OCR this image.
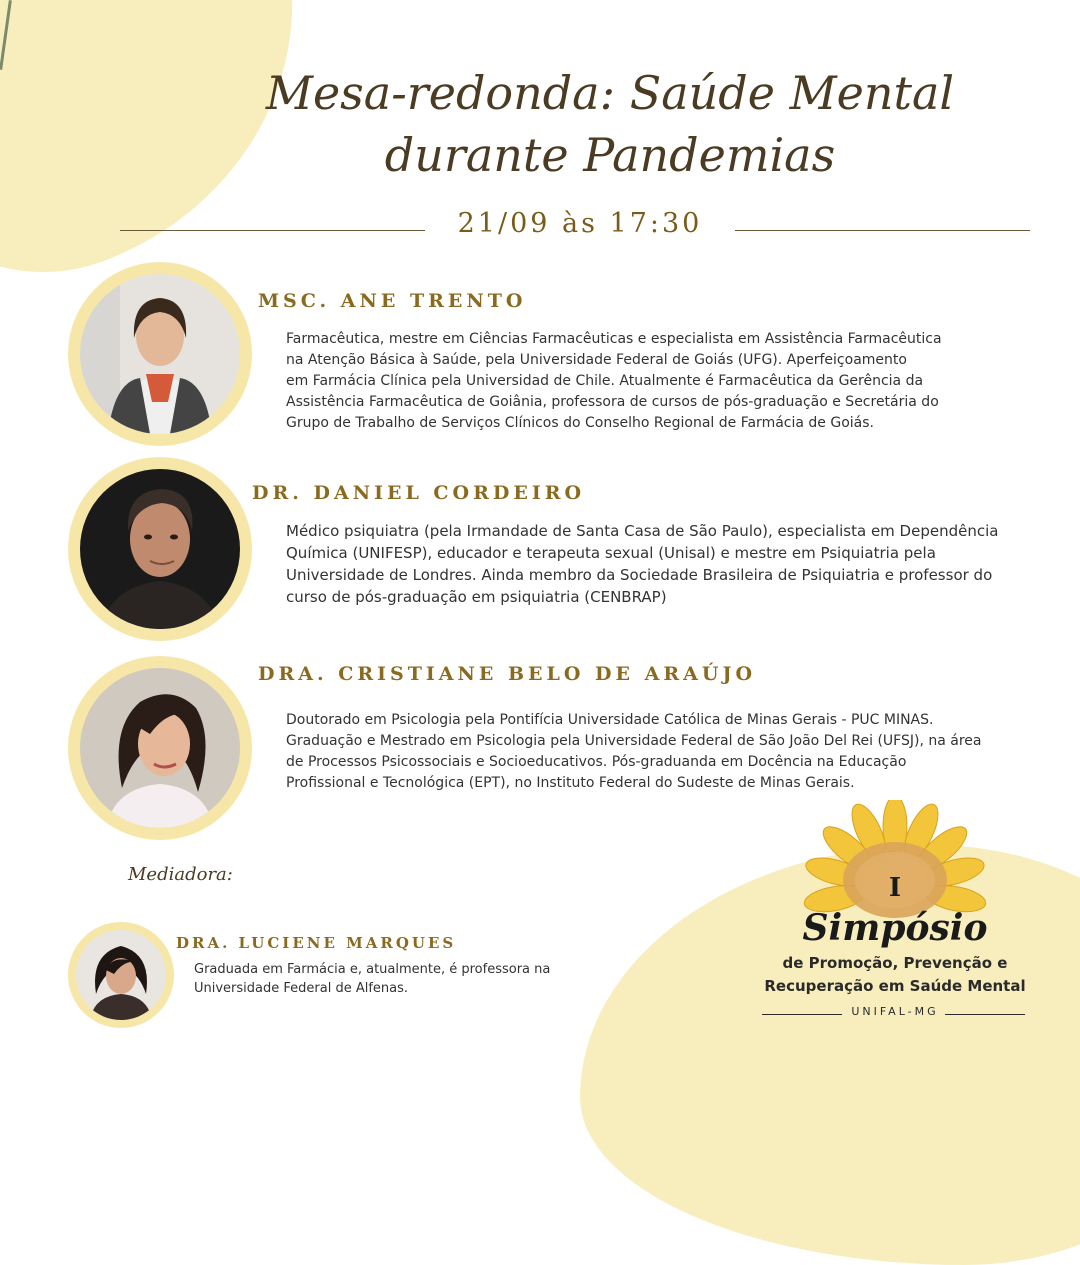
Mesa-redonda: Saúde Mental
durante Pandemias
21/09 às 17:30
MSC. ANE TRENTO
Farmacêutica, mestre em Ciências Farmacêuticas e especialista em Assistência Farmacêutica
na Atenção Básica à Saúde, pela Universidade Federal de Goiás (UFG). Aperfeiçoamento
em Farmácia Clínica pela Universidad de Chile. Atualmente é Farmacêutica da Gerência da
Assistência Farmacêutica de Goiânia, professora de cursos de pós-graduação e Secretária do
Grupo de Trabalho de Serviços Clínicos do Conselho Regional de Farmácia de Goiás.
DR. DANIEL CORDEIRO
Médico psiquiatra (pela Irmandade de Santa Casa de São Paulo), especialista em Dependência
Química (UNIFESP), educador e terapeuta sexual (Unisal) e mestre em Psiquiatria pela
Universidade de Londres. Ainda membro da Sociedade Brasileira de Psiquiatria e professor do
curso de pós-graduação em psiquiatria (CENBRAP)
DRA. CRISTIANE BELO DE ARAÚJO
Doutorado em Psicologia pela Pontifícia Universidade Católica de Minas Gerais - PUC MINAS.
Graduação e Mestrado em Psicologia pela Universidade Federal de São João Del Rei (UFSJ), na área
de Processos Psicossociais e Socioeducativos. Pós-graduanda em Docência na Educação
Profissional e Tecnológica (EPT), no Instituto Federal do Sudeste de Minas Gerais.
Mediadora:
DRA. LUCIENE MARQUES
Graduada em Farmácia e, atualmente, é professora na
Universidade Federal de Alfenas.
I
Simpósio
de Promoção, Prevenção e
Recuperação em Saúde Mental
UNIFAL-MG
